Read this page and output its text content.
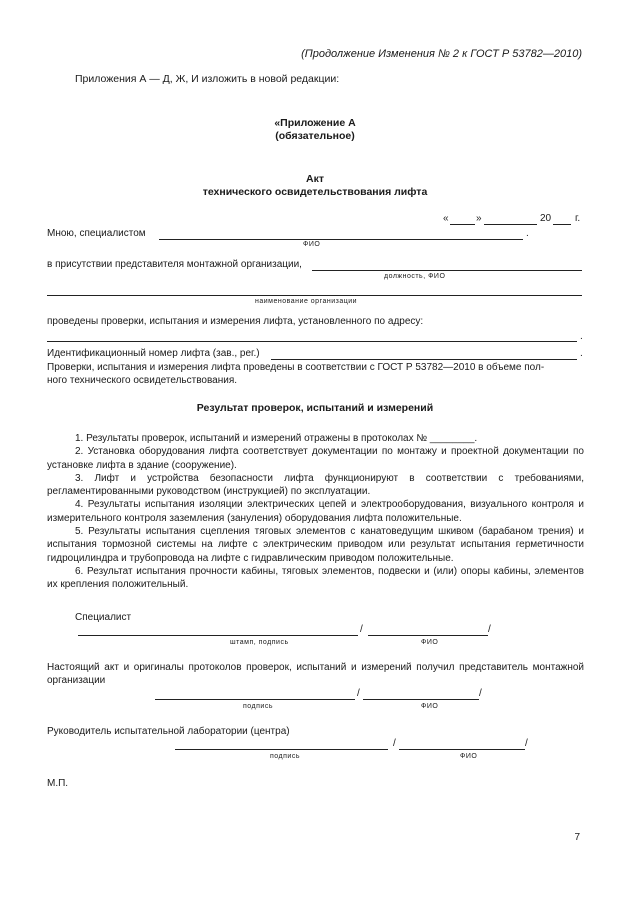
(Продолжение Изменения № 2 к ГОСТ Р 53782—2010)
Приложения А — Д, Ж, И изложить в новой редакции:
«Приложение А
(обязательное)
Акт
технического освидетельствования лифта
«	»	20 г.
Мною, специалистом	.
ФИО
в присутствии представителя монтажной организации,
должность, ФИО
наименование организации
проведены проверки, испытания и измерения лифта, установленного по адресу:
.
Идентификационный номер лифта (зав., рег.)	.
Проверки, испытания и измерения лифта проведены в соответствии с ГОСТ Р 53782—2010 в объеме пол-
ного технического освидетельствования.
Результат проверок, испытаний и измерений
1. Результаты проверок, испытаний и измерений отражены в протоколах № ________.
2. Установка оборудования лифта соответствует документации по монтажу и проектной документации по установке лифта в здание (сооружение).
3. Лифт и устройства безопасности лифта функционируют в соответствии с требованиями, регламентированными руководством (инструкцией) по эксплуатации.
4. Результаты испытания изоляции электрических цепей и электрооборудования, визуального контроля и измерительного контроля заземления (зануления) оборудования лифта положительные.
5. Результаты испытания сцепления тяговых элементов с канатоведущим шкивом (барабаном трения) и испытания тормозной системы на лифте с электрическим приводом или результат испытания герметичности гидроцилиндра и трубопровода на лифте с гидравлическим приводом положительные.
6. Результат испытания прочности кабины, тяговых элементов, подвески и (или) опоры кабины, элементов их крепления положительный.
Специалист
/	/
штамп, подпись	ФИО
Настоящий акт и оригиналы протоколов проверок, испытаний и измерений получил представитель монтажной организации
/	/
подпись	ФИО
Руководитель испытательной лаборатории (центра)
/	/
подпись	ФИО
М.П.
7
